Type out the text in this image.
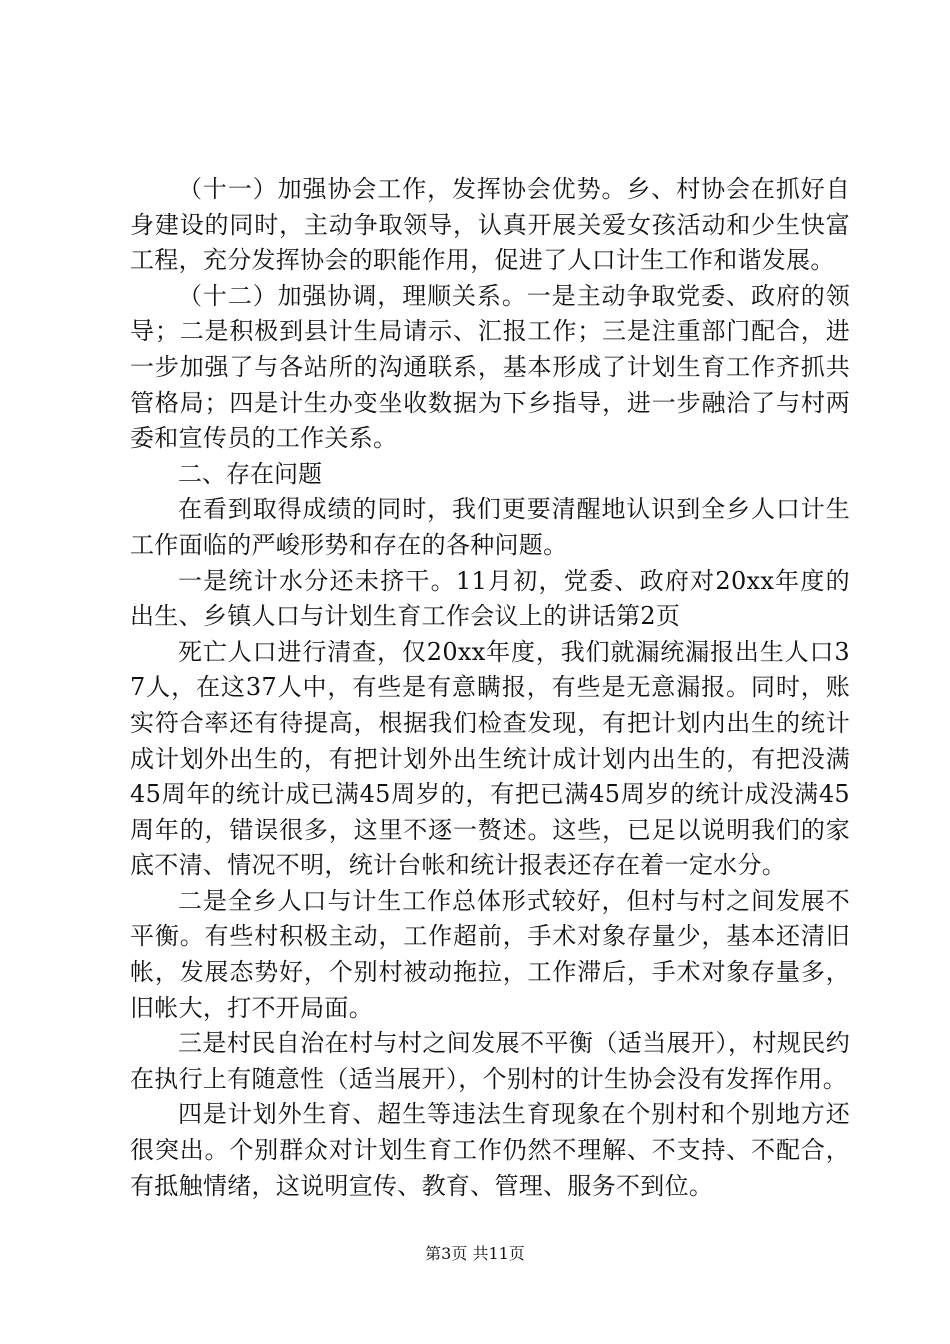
（十一）加强协会工作，发挥协会优势。乡、村协会在抓好自身建设的同时，主动争取领导，认真开展关爱女孩活动和少生快富工程，充分发挥协会的职能作用，促进了人口计生工作和谐发展。

（十二）加强协调，理顺关系。一是主动争取党委、政府的领导；二是积极到县计生局请示、汇报工作；三是注重部门配合，进一步加强了与各站所的沟通联系，基本形成了计划生育工作齐抓共管格局；四是计生办变坐收数据为下乡指导，进一步融洽了与村两委和宣传员的工作关系。

二、存在问题

在看到取得成绩的同时，我们更要清醒地认识到全乡人口计生工作面临的严峻形势和存在的各种问题。

一是统计水分还未挤干。11月初，党委、政府对20xx年度的出生、乡镇人口与计划生育工作会议上的讲话第2页

死亡人口进行清查，仅20xx年度，我们就漏统漏报出生人口37人，在这37人中，有些是有意瞒报，有些是无意漏报。同时，账实符合率还有待提高，根据我们检查发现，有把计划内出生的统计成计划外出生的，有把计划外出生统计成计划内出生的，有把没满45周年的统计成已满45周岁的，有把已满45周岁的统计成没满45周年的，错误很多，这里不逐一赘述。这些，已足以说明我们的家底不清、情况不明，统计台帐和统计报表还存在着一定水分。

二是全乡人口与计生工作总体形式较好，但村与村之间发展不平衡。有些村积极主动，工作超前，手术对象存量少，基本还清旧帐，发展态势好，个别村被动拖拉，工作滞后，手术对象存量多，旧帐大，打不开局面。

三是村民自治在村与村之间发展不平衡（适当展开），村规民约在执行上有随意性（适当展开），个别村的计生协会没有发挥作用。

四是计划外生育、超生等违法生育现象在个别村和个别地方还很突出。个别群众对计划生育工作仍然不理解、不支持、不配合，有抵触情绪，这说明宣传、教育、管理、服务不到位。

第3页 共11页
